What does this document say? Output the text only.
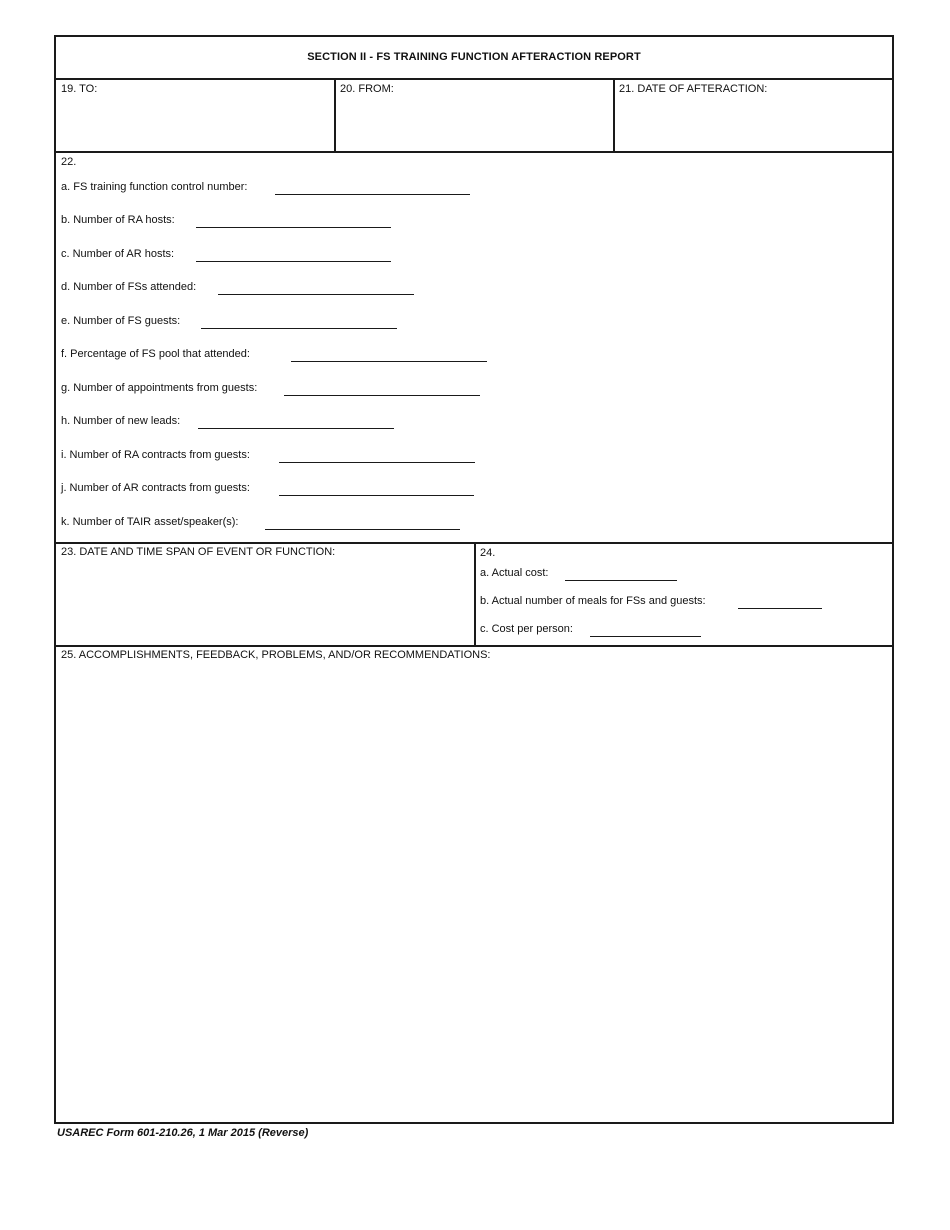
SECTION II - FS TRAINING FUNCTION AFTERACTION REPORT
19. TO:	20. FROM:	21. DATE OF AFTERACTION:
22.
a. FS training function control number:
b. Number of RA hosts:
c. Number of AR hosts:
d. Number of FSs attended:
e. Number of FS guests:
f. Percentage of FS pool that attended:
g. Number of appointments from guests:
h. Number of new leads:
i. Number of RA contracts from guests:
j. Number of AR contracts from guests:
k. Number of TAIR asset/speaker(s):
23. DATE AND TIME SPAN OF EVENT OR FUNCTION:	24.
a. Actual cost:
b. Actual number of meals for FSs and guests:
c. Cost per person:
25. ACCOMPLISHMENTS, FEEDBACK, PROBLEMS, AND/OR RECOMMENDATIONS:
USAREC Form 601-210.26, 1 Mar 2015 (Reverse)
